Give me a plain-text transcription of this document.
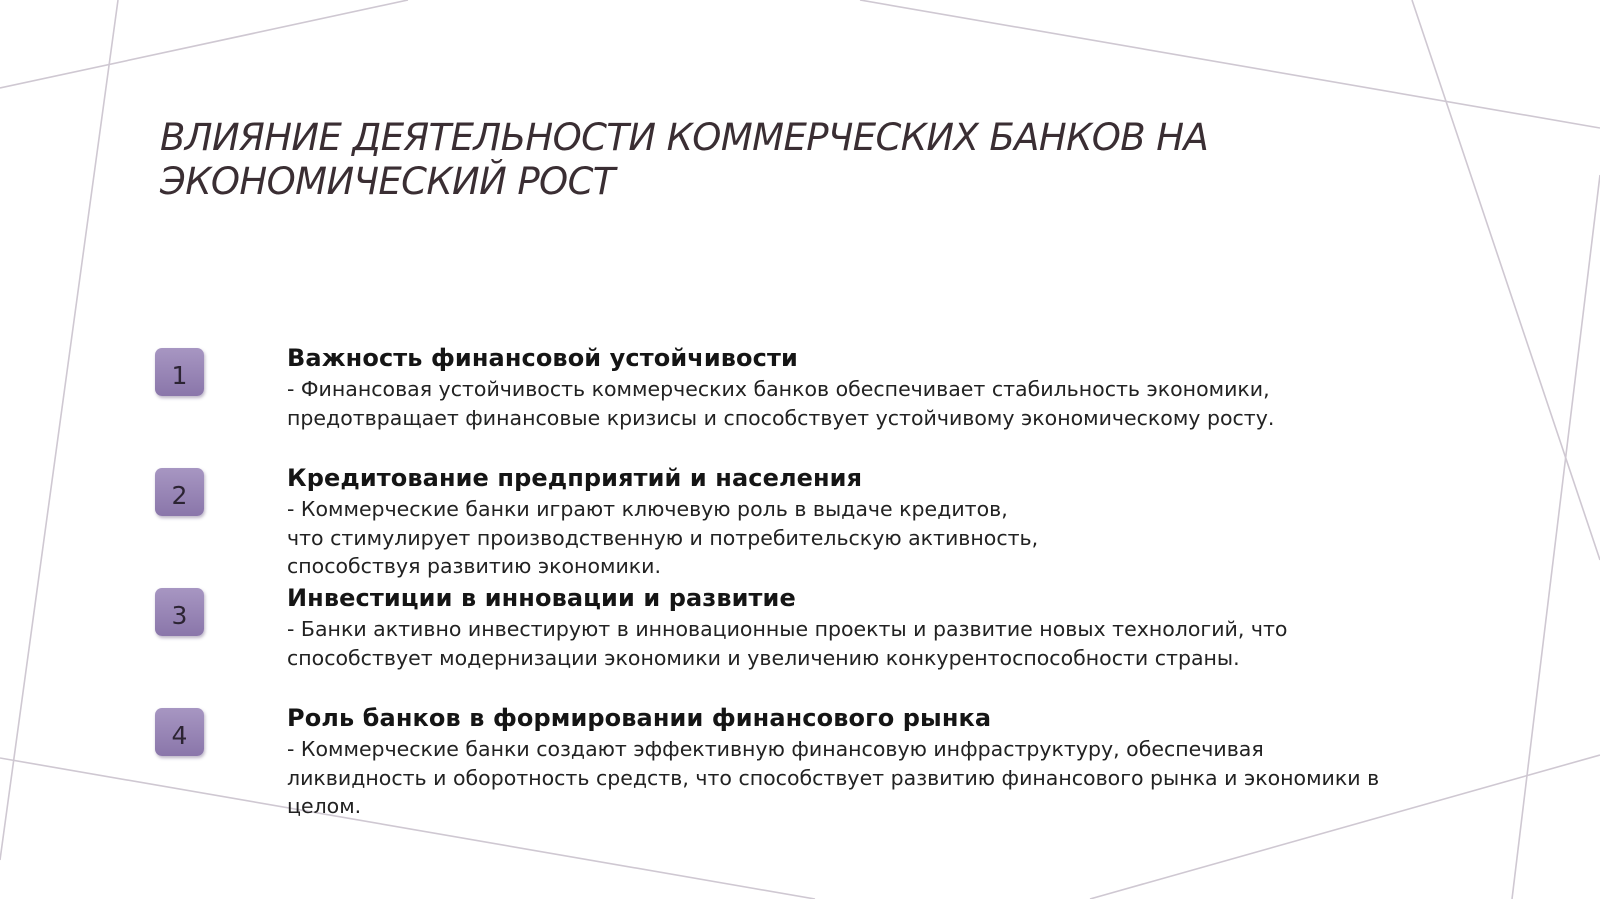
ВЛИЯНИЕ ДЕЯТЕЛЬНОСТИ КОММЕРЧЕСКИХ БАНКОВ НА
ЭКОНОМИЧЕСКИЙ РОСТ
1

Важность финансовой устойчивости

- Финансовая устойчивость коммерческих банков обеспечивает стабильность экономики,
предотвращает финансовые кризисы и способствует устойчивому экономическому росту.

2

Кредитование предприятий и населения

- Коммерческие банки играют ключевую роль в выдаче кредитов,
что стимулирует производственную и потребительскую активность,
способствуя развитию экономики.

3

Инвестиции в инновации и развитие

- Банки активно инвестируют в инновационные проекты и развитие новых технологий, что
способствует модернизации экономики и увеличению конкурентоспособности страны.

4

Роль банков в формировании финансового рынка

- Коммерческие банки создают эффективную финансовую инфраструктуру, обеспечивая
ликвидность и оборотность средств, что способствует развитию финансового рынка и экономики в
целом.
